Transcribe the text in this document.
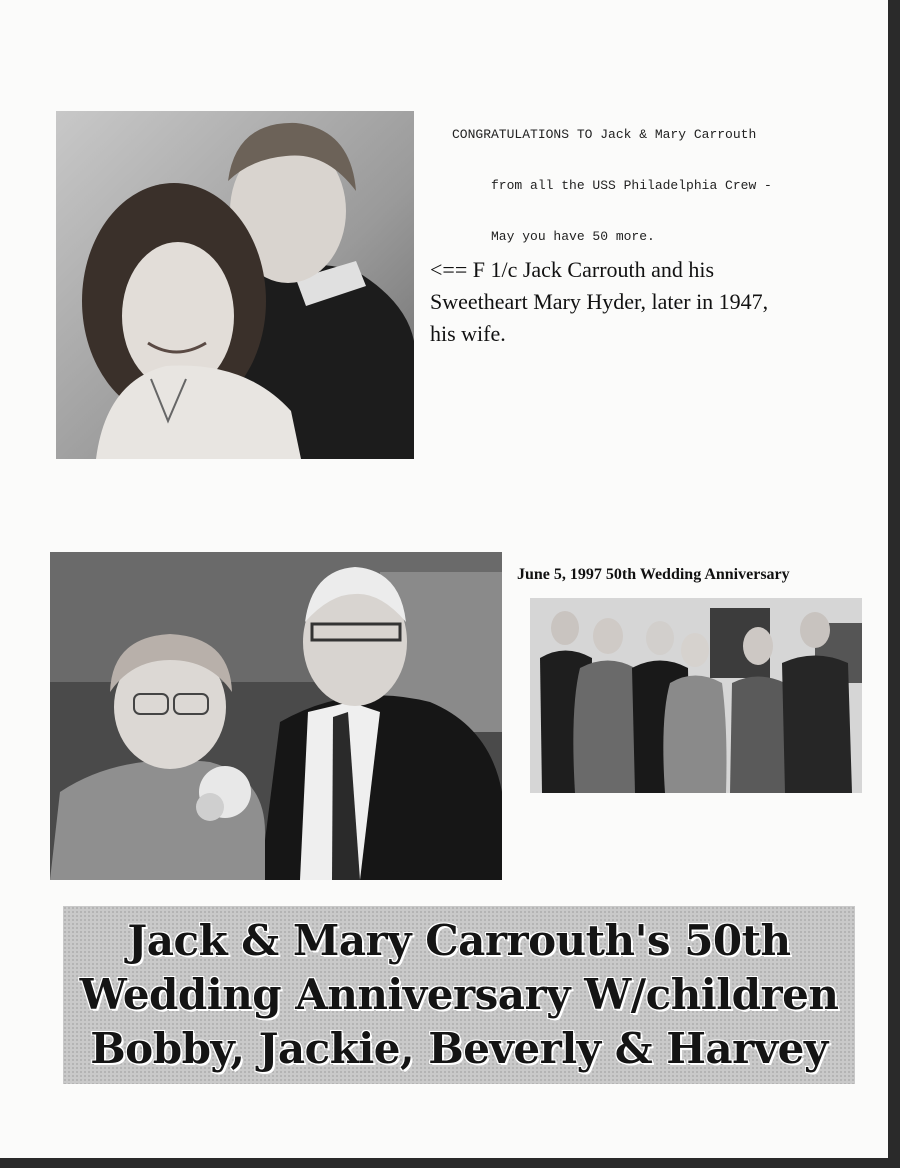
CONGRATULATIONS TO Jack & Mary Carrouth

from all the USS Philadelphia Crew -

May you have 50 more.

<== F 1/c Jack Carrouth and his
Sweetheart Mary Hyder, later in 1947,
his wife.
June 5, 1997 50th Wedding Anniversary
Jack & Mary Carrouth's 50th
Wedding Anniversary W/children
Bobby, Jackie, Beverly & Harvey
